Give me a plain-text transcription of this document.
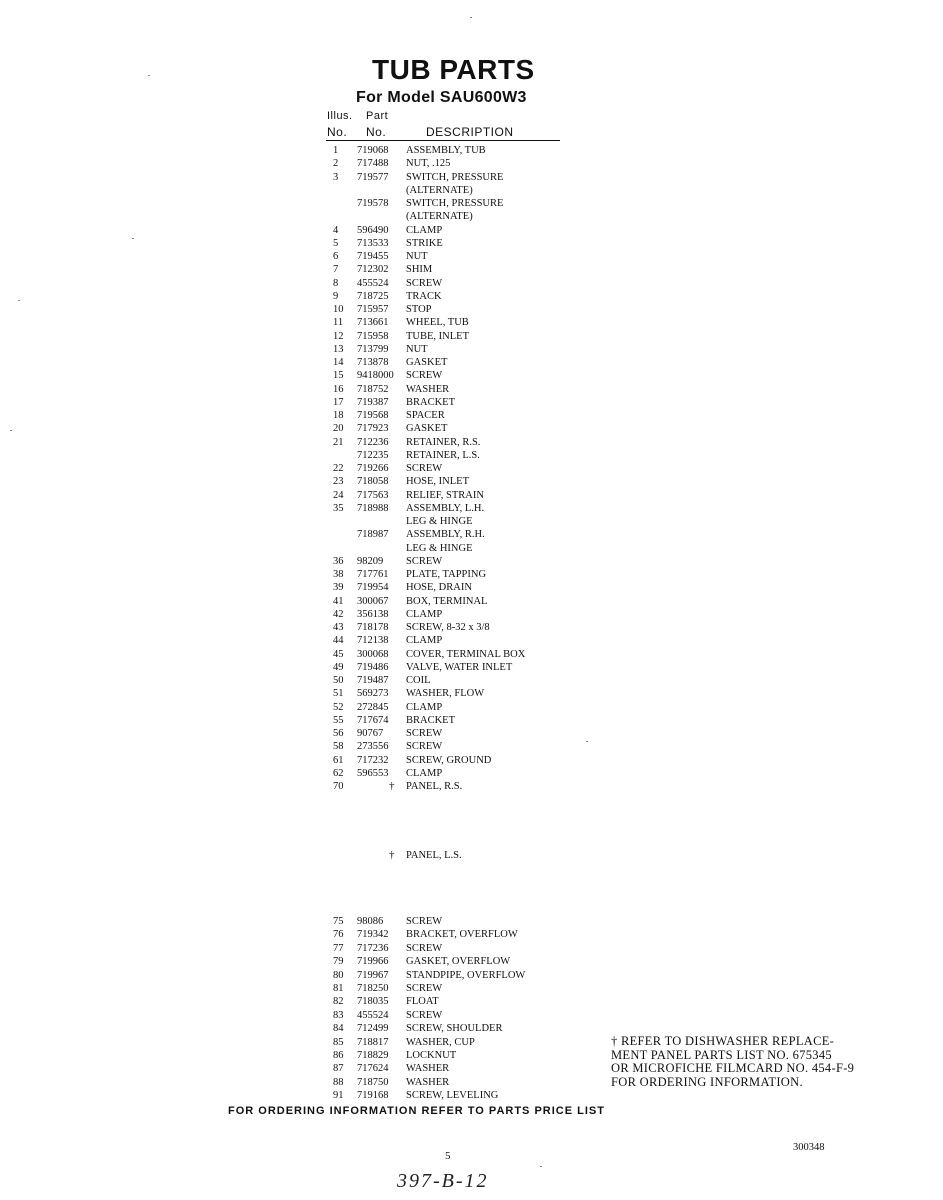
TUB PARTS
For Model SAU600W3
Illus. Part
No. No.	DESCRIPTION
1 719068 ASSEMBLY, TUB
2 717488 NUT, .125
3 719577 SWITCH, PRESSURE
(ALTERNATE)
719578 SWITCH, PRESSURE
(ALTERNATE)
4 596490 CLAMP
5 713533 STRIKE
6 719455 NUT
7 712302 SHIM
8 455524 SCREW
9 718725 TRACK
10 715957 STOP
11 713661 WHEEL, TUB
12 715958 TUBE, INLET
13 713799 NUT
14 713878 GASKET
15 9418000 SCREW
16 718752 WASHER
17 719387 BRACKET
18 719568 SPACER
20 717923 GASKET
21 712236 RETAINER, R.S.
712235 RETAINER, L.S.
22 719266 SCREW
23 718058 HOSE, INLET
24 717563 RELIEF, STRAIN
35 718988 ASSEMBLY, L.H.
LEG & HINGE
718987 ASSEMBLY, R.H.
LEG & HINGE
36 98209 SCREW
38 717761 PLATE, TAPPING
39 719954 HOSE, DRAIN
41 300067 BOX, TERMINAL
42 356138 CLAMP
43 718178 SCREW, 8-32 x 3/8
44 712138 CLAMP
45 300068 COVER, TERMINAL BOX
49 719486 VALVE, WATER INLET
50 719487 COIL
51 569273 WASHER, FLOW
52 272845 CLAMP
55 717674 BRACKET
56 90767 SCREW
58 273556 SCREW
61 717232 SCREW, GROUND
62 596553 CLAMP
70	† PANEL, R.S.
† PANEL, L.S.
75 98086 SCREW
76 719342 BRACKET, OVERFLOW
77 717236 SCREW
79 719966 GASKET, OVERFLOW
80 719967 STANDPIPE, OVERFLOW
81 718250 SCREW
82 718035 FLOAT
83 455524 SCREW
84 712499 SCREW, SHOULDER
85 718817 WASHER, CUP
86 718829 LOCKNUT
87 717624 WASHER
88 718750 WASHER
91 719168 SCREW, LEVELING
† REFER TO DISHWASHER REPLACE-
MENT PANEL PARTS LIST NO. 675345
OR MICROFICHE FILMCARD NO. 454-F-9
FOR ORDERING INFORMATION.
FOR ORDERING INFORMATION REFER TO PARTS PRICE LIST
5
300348
397-B-12
